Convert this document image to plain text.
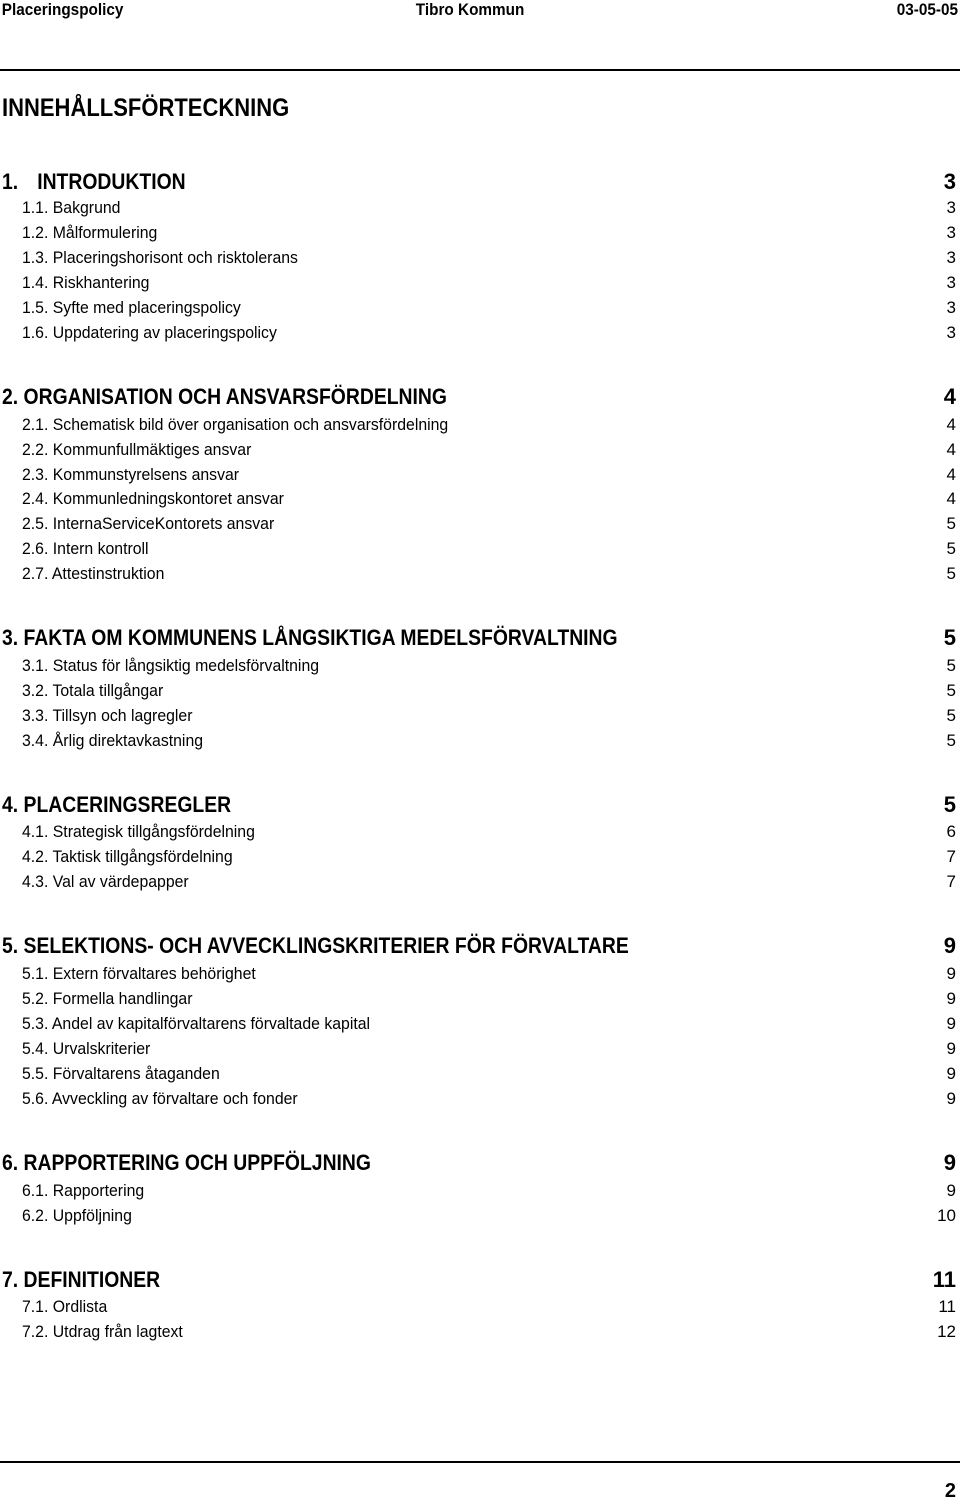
Placeringspolicy	Tibro Kommun	03-05-05
INNEHÅLLSFÖRTECKNING
1. INTRODUKTION	3
1.1. Bakgrund	3
1.2. Målformulering	3
1.3. Placeringshorisont och risktolerans	3
1.4. Riskhantering	3
1.5. Syfte med placeringspolicy	3
1.6. Uppdatering av placeringspolicy	3
2. ORGANISATION OCH ANSVARSFÖRDELNING	4
2.1. Schematisk bild över organisation och ansvarsfördelning	4
2.2. Kommunfullmäktiges ansvar	4
2.3. Kommunstyrelsens ansvar	4
2.4. Kommunledningskontoret ansvar	4
2.5. InternaServiceKontorets ansvar	5
2.6. Intern kontroll	5
2.7. Attestinstruktion	5
3. FAKTA OM KOMMUNENS LÅNGSIKTIGA MEDELSFÖRVALTNING	5
3.1. Status för långsiktig medelsförvaltning	5
3.2. Totala tillgångar	5
3.3. Tillsyn och lagregler	5
3.4. Årlig direktavkastning	5
4. PLACERINGSREGLER	5
4.1. Strategisk tillgångsfördelning	6
4.2. Taktisk tillgångsfördelning	7
4.3. Val av värdepapper	7
5. SELEKTIONS- OCH AVVECKLINGSKRITERIER FÖR FÖRVALTARE	9
5.1. Extern förvaltares behörighet	9
5.2. Formella handlingar	9
5.3. Andel av kapitalförvaltarens förvaltade kapital	9
5.4. Urvalskriterier	9
5.5. Förvaltarens åtaganden	9
5.6. Avveckling av förvaltare och fonder	9
6. RAPPORTERING OCH UPPFÖLJNING	9
6.1. Rapportering	9
6.2. Uppföljning	10
7. DEFINITIONER	11
7.1. Ordlista	11
7.2. Utdrag från lagtext	12
2
